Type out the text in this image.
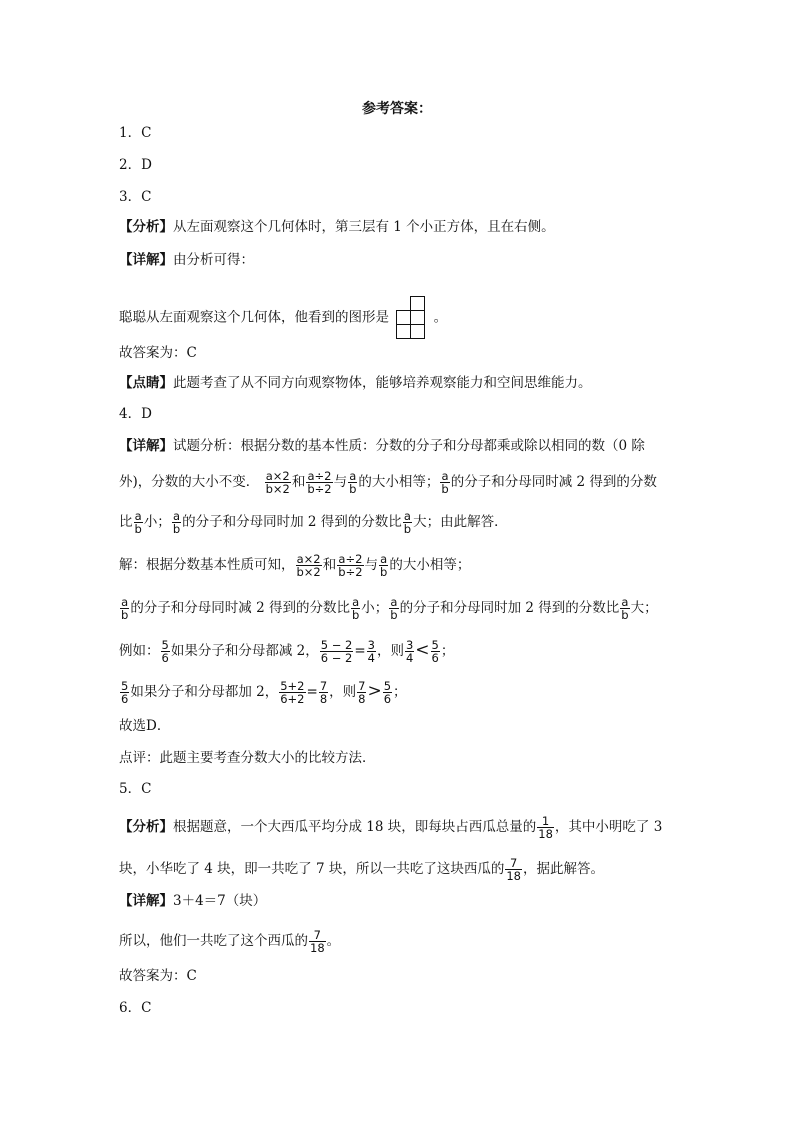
参考答案：
1．C
2．D
3．C
【分析】从左面观察这个几何体时，第三层有 1 个小正方体，且在右侧。
【详解】由分析可得：
聪聪从左面观察这个几何体，他看到的图形是	。
故答案为：C
【点睛】此题考查了从不同方向观察物体，能够培养观察能力和空间思维能力。
4．D
【详解】试题分析：根据分数的基本性质：分数的分子和分母都乘或除以相同的数（0 除
外)，分数的大小不变． $\frac{a\times 2}{b\times 2}$ 和 $\frac{a\div 2}{b\div 2}$ 与 $\frac{a}{b}$ 的大小相等； $\frac{a}{b}$ 的分子和分母同时减 2 得到的分数
比 $\frac{a}{b}$ 小； $\frac{a}{b}$ 的分子和分母同时加 2 得到的分数比 $\frac{a}{b}$ 大；由此解答．
解：根据分数基本性质可知， $\frac{a\times 2}{b\times 2}$ 和 $\frac{a\div 2}{b\div 2}$ 与 $\frac{a}{b}$ 的大小相等；
$\frac{a}{b}$ 的分子和分母同时减 2 得到的分数比 $\frac{a}{b}$ 小； $\frac{a}{b}$ 的分子和分母同时加 2 得到的分数比 $\frac{a}{b}$ 大；
例如： $\frac{5}{6}$ 如果分子和分母都减 2， $\frac{5 - 2}{6 - 2} = \frac{3}{4}$ ，则 $\frac{3}{4} < \frac{5}{6}$ ；
$\frac{5}{6}$ 如果分子和分母都加 2， $\frac{5+2}{6+2} = \frac{7}{8}$ ，则 $\frac{7}{8} > \frac{5}{6}$ ；
故选D．
点评：此题主要考查分数大小的比较方法．
5．C
【分析】根据题意，一个大西瓜平均分成 18 块，即每块占西瓜总量的 $\frac{1}{18}$ ，其中小明吃了 3
块，小华吃了 4 块，即一共吃了 7 块，所以一共吃了这块西瓜的 $\frac{7}{18}$ ，据此解答。
【详解】3＋4＝7（块）
所以，他们一共吃了这个西瓜的 $\frac{7}{18}$ 。
故答案为：C
6．C
